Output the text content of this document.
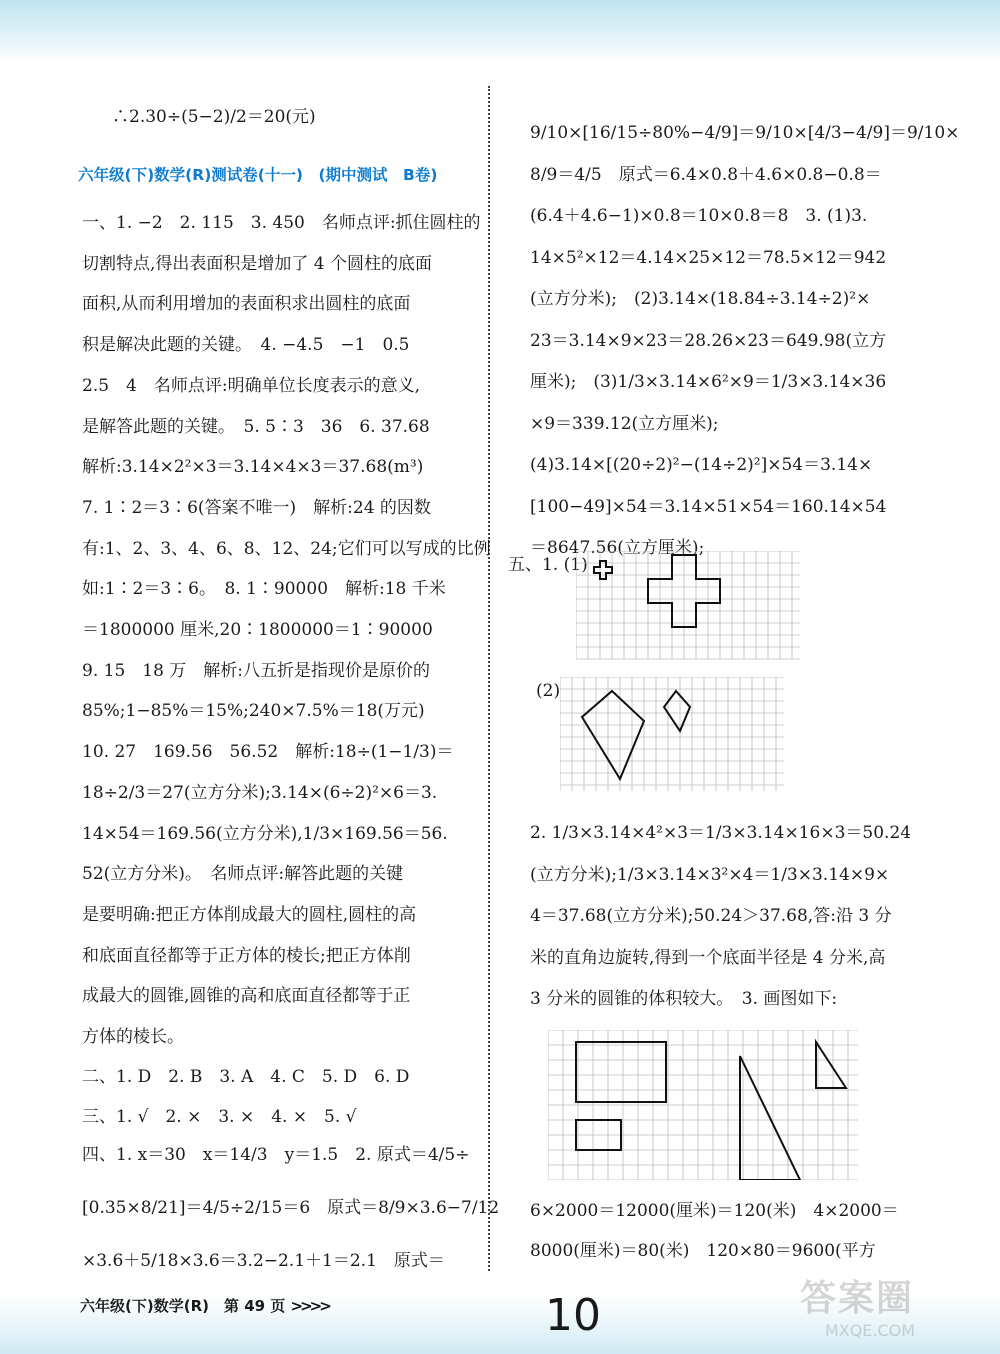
∴2.30÷(5−2)/2＝20(元)
六年级(下)数学(R)测试卷(十一)　(期中测试　B卷)
一、1. −2　2. 115　3. 450　名师点评:抓住圆柱的
切割特点,得出表面积是增加了 4 个圆柱的底面
面积,从而利用增加的表面积求出圆柱的底面
积是解决此题的关键。　4. −4.5　−1　0.5
2.5　4　名师点评:明确单位长度表示的意义,
是解答此题的关键。　5. 5∶3　36　6. 37.68
解析:3.14×2²×3＝3.14×4×3＝37.68(m³)
7. 1∶2＝3∶6(答案不唯一)　解析:24 的因数
有:1、2、3、4、6、8、12、24;它们可以写成的比例
如:1∶2＝3∶6。　8. 1∶90000　解析:18 千米
＝1800000 厘米,20∶1800000＝1∶90000
9. 15　18 万　解析:八五折是指现价是原价的
85%;1−85%＝15%;240×7.5%＝18(万元)
10. 27　169.56　56.52　解析:18÷(1−1/3)＝
18÷2/3＝27(立方分米);3.14×(6÷2)²×6＝3.
14×54＝169.56(立方分米),1/3×169.56＝56.
52(立方分米)。　名师点评:解答此题的关键
是要明确:把正方体削成最大的圆柱,圆柱的高
和底面直径都等于正方体的棱长;把正方体削
成最大的圆锥,圆锥的高和底面直径都等于正
方体的棱长。
二、1. D　2. B　3. A　4. C　5. D　6. D
三、1. √　2. ×　3. ×　4. ×　5. √
四、1. x＝30　x＝14/3　y＝1.5　2. 原式＝4/5÷
[0.35×8/21]＝4/5÷2/15＝6　原式＝8/9×3.6−7/12
×3.6＋5/18×3.6＝3.2−2.1＋1＝2.1　原式＝
9/10×[16/15÷80%−4/9]＝9/10×[4/3−4/9]＝9/10×
8/9＝4/5　原式＝6.4×0.8＋4.6×0.8−0.8＝
(6.4＋4.6−1)×0.8＝10×0.8＝8　3. (1)3.
14×5²×12＝4.14×25×12＝78.5×12＝942
(立方分米);　(2)3.14×(18.84÷3.14÷2)²×
23＝3.14×9×23＝28.26×23＝649.98(立方
厘米);　(3)1/3×3.14×6²×9＝1/3×3.14×36
×9＝339.12(立方厘米);
(4)3.14×[(20÷2)²−(14÷2)²]×54＝3.14×
[100−49]×54＝3.14×51×54＝160.14×54
＝8647.56(立方厘米);
五、1. (1)
(2)
2. 1/3×3.14×4²×3＝1/3×3.14×16×3＝50.24
(立方分米);1/3×3.14×3²×4＝1/3×3.14×9×
4＝37.68(立方分米);50.24＞37.68,答:沿 3 分
米的直角边旋转,得到一个底面半径是 4 分米,高
3 分米的圆锥的体积较大。　3. 画图如下:
6×2000＝12000(厘米)＝120(米)　4×2000＝
8000(厘米)＝80(米)　120×80＝9600(平方
六年级(下)数学(R)　第 49 页 >>>>	10	答案圈
MXQE.COM
